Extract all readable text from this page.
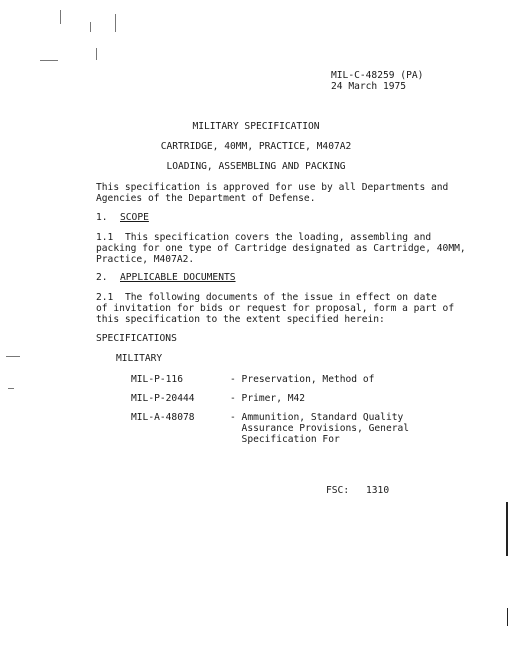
MIL-C-48259 (PA)
24 March 1975
MILITARY SPECIFICATION
CARTRIDGE, 40MM, PRACTICE, M407A2
LOADING, ASSEMBLING AND PACKING
This specification is approved for use by all Departments and
Agencies of the Department of Defense.
1. SCOPE
1.1 This specification covers the loading, assembling and
packing for one type of Cartridge designated as Cartridge, 40MM,
Practice, M407A2.
2. APPLICABLE DOCUMENTS
2.1 The following documents of the issue in effect on date
of invitation for bids or request for proposal, form a part of
this specification to the extent specified herein:
SPECIFICATIONS
MILITARY
MIL-P-116	- Preservation, Method of
MIL-P-20444	- Primer, M42
MIL-A-48078	- Ammunition, Standard Quality
Assurance Provisions, General
Specification For
FSC: 1310
